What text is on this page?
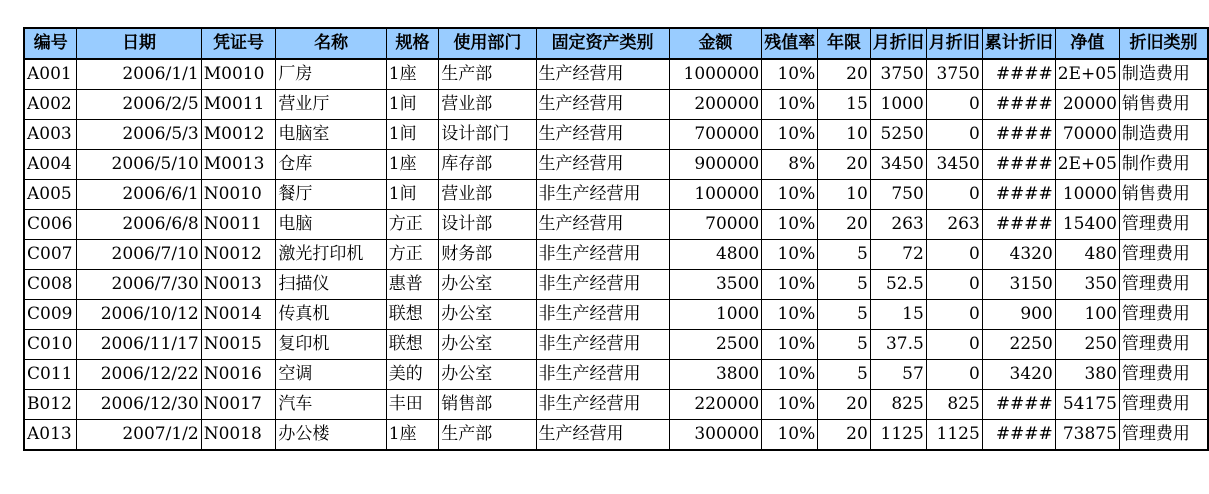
编号	日期	凭证号	名称	规格	使用部门	固定资产类别	金额	残值率	年限	月折旧	月折旧	累计折旧	净值	折旧类别
A001	2006/1/1	M0010	厂房	1座	生产部	生产经营用	1000000	10%	20	3750	3750	####	2E+05	制造费用
A002	2006/2/5	M0011	营业厅	1间	营业部	生产经营用	200000	10%	15	1000	0	####	20000	销售费用
A003	2006/5/3	M0012	电脑室	1间	设计部门	生产经营用	700000	10%	10	5250	0	####	70000	制造费用
A004	2006/5/10	M0013	仓库	1座	库存部	生产经营用	900000	8%	20	3450	3450	####	2E+05	制作费用
A005	2006/6/1	N0010	餐厅	1间	营业部	非生产经营用	100000	10%	10	750	0	####	10000	销售费用
C006	2006/6/8	N0011	电脑	方正	设计部	生产经营用	70000	10%	20	263	263	####	15400	管理费用
C007	2006/7/10	N0012	激光打印机	方正	财务部	非生产经营用	4800	10%	5	72	0	4320	480	管理费用
C008	2006/7/30	N0013	扫描仪	惠普	办公室	非生产经营用	3500	10%	5	52.5	0	3150	350	管理费用
C009	2006/10/12	N0014	传真机	联想	办公室	非生产经营用	1000	10%	5	15	0	900	100	管理费用
C010	2006/11/17	N0015	复印机	联想	办公室	非生产经营用	2500	10%	5	37.5	0	2250	250	管理费用
C011	2006/12/22	N0016	空调	美的	办公室	非生产经营用	3800	10%	5	57	0	3420	380	管理费用
B012	2006/12/30	N0017	汽车	丰田	销售部	非生产经营用	220000	10%	20	825	825	####	54175	管理费用
A013	2007/1/2	N0018	办公楼	1座	生产部	生产经营用	300000	10%	20	1125	1125	####	73875	管理费用
